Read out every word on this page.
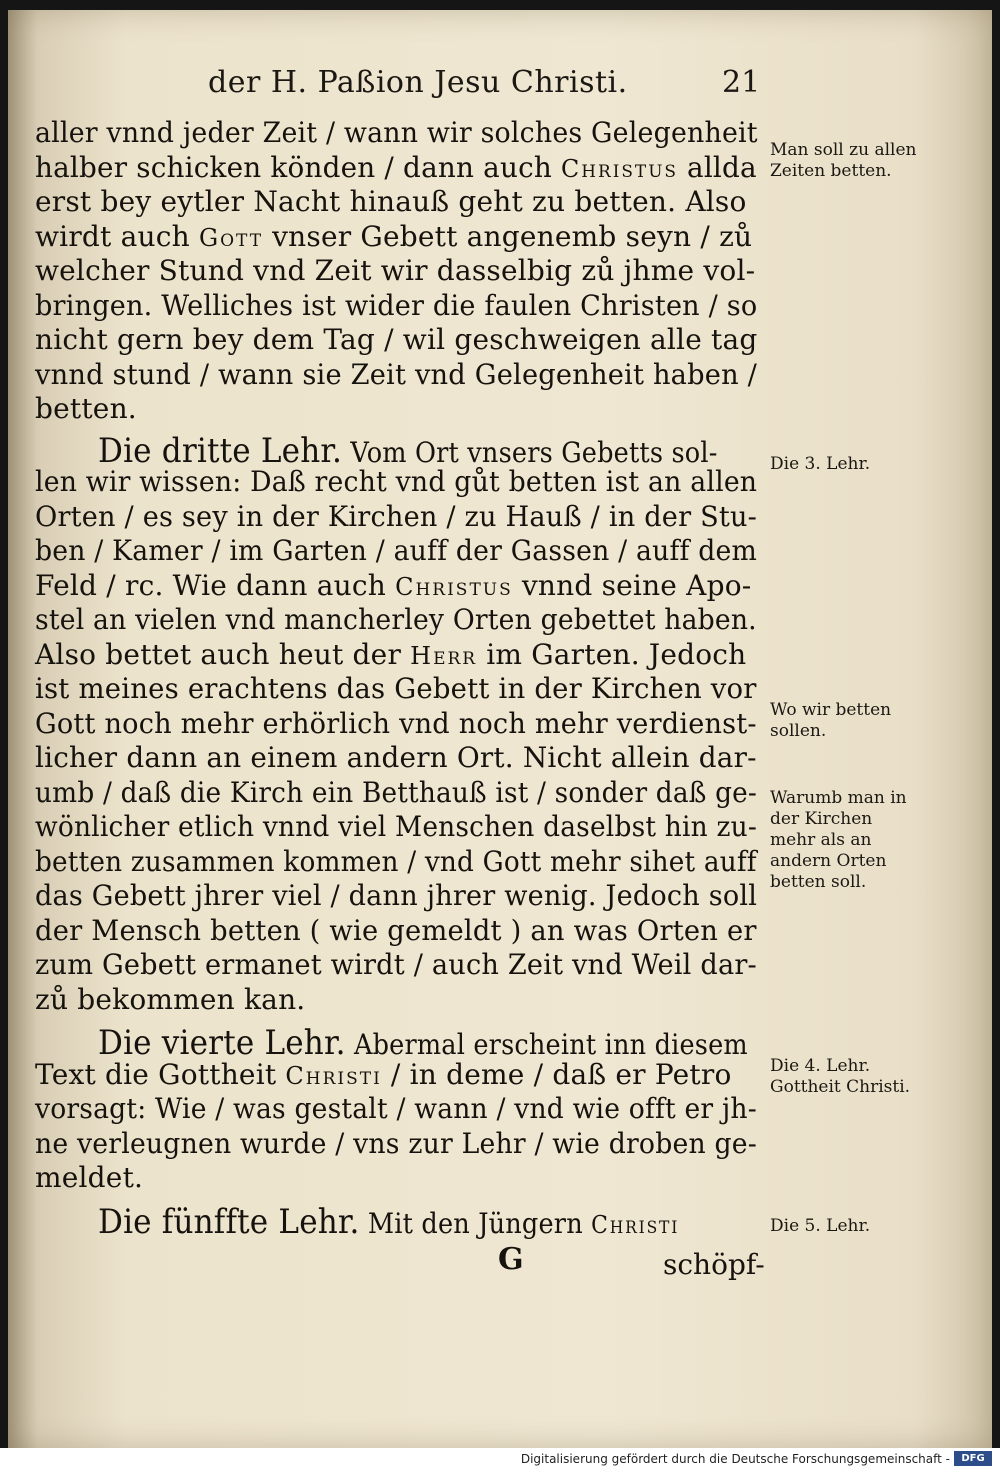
der H. Paßion Jesu Christi.	21
aller vnnd jeder Zeit / wann wir solches Gelegenheit
halber schicken könden / dann auch Christus allda
erst bey eytler Nacht hinauß geht zu betten. Also
wirdt auch Gott vnser Gebett angenemb seyn / zů
welcher Stund vnd Zeit wir dasselbig zů jhme vol-
bringen. Welliches ist wider die faulen Christen / so
nicht gern bey dem Tag / wil geschweigen alle tag
vnnd stund / wann sie Zeit vnd Gelegenheit haben /
betten.
Die dritte Lehr. Vom Ort vnsers Gebetts sol-
len wir wissen: Daß recht vnd gůt betten ist an allen
Orten / es sey in der Kirchen / zu Hauß / in der Stu-
ben / Kamer / im Garten / auff der Gassen / auff dem
Feld / rc. Wie dann auch Christus vnnd seine Apo-
stel an vielen vnd mancherley Orten gebettet haben.
Also bettet auch heut der Herr im Garten. Jedoch
ist meines erachtens das Gebett in der Kirchen vor
Gott noch mehr erhörlich vnd noch mehr verdienst-
licher dann an einem andern Ort. Nicht allein dar-
umb / daß die Kirch ein Betthauß ist / sonder daß ge-
wönlicher etlich vnnd viel Menschen daselbst hin zu-
betten zusammen kommen / vnd Gott mehr sihet auff
das Gebett jhrer viel / dann jhrer wenig. Jedoch soll
der Mensch betten ( wie gemeldt ) an was Orten er
zum Gebett ermanet wirdt / auch Zeit vnd Weil dar-
zů bekommen kan.
Die vierte Lehr. Abermal erscheint inn diesem
Text die Gottheit Christi / in deme / daß er Petro
vorsagt: Wie / was gestalt / wann / vnd wie offt er jh-
ne verleugnen wurde / vns zur Lehr / wie droben ge-
meldet.
Die fünffte Lehr. Mit den Jüngern Christi
Man soll zu allen Zeiten betten.
Die 3. Lehr.
Wo wir betten sollen.
Warumb man in der Kirchen mehr als an andern Orten betten soll.
Die 4. Lehr. Gottheit Christi.
Die 5. Lehr.
G	schöpf-
Digitalisierung gefördert durch die Deutsche Forschungsgemeinschaft -	DFG
